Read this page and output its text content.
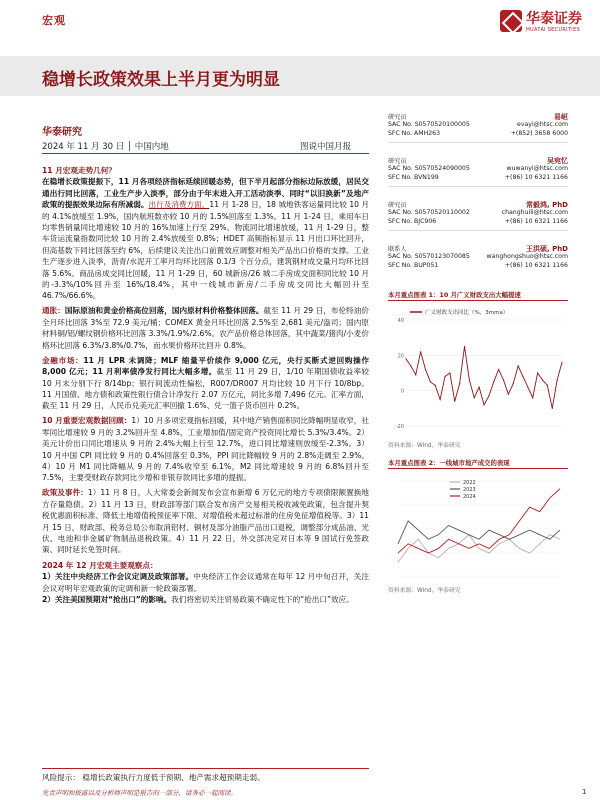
宏观	华泰证券
HUATAI SECURITIES
稳增长政策效果上半月更为明显
华泰研究
2024 年 11 月 30 日 │ 中国内地	图说中国月报

11 月宏观走势几何？
在稳增长政策提振下，11 月各项经济指标延续回暖态势，但下半月起部分指标边际放缓，居民交通出行同比回落，工业生产步入淡季，部分由于年末进入开工活动淡季、同时“以旧换新”及地产政策的提振效果边际有所减弱。出行及消费方面，11 月 1-28 日，18 城地铁客运量同比较 10 月的 4.1%放缓至 1.9%，国内航班数亦较 10 月的 1.5%回落至 1.3%。11 月 1-24 日，乘用车日均零售销量同比增速较 10 月的 16%加速上行至 29%。物流同比增速放缓，11 月 1-29 日，整车货运流量指数同比较 10 月的 2.4%放缓至 0.8%；HDET 高频指标显示 11 月出口环比回升，但高基数下同比回落至约 6%，后续建议关注出口前置效应调整对相关产品出口价格的支撑。工业生产逐步进入淡季，沥青/水泥开工率月均环比回落 0.1/3 个百分点，建筑钢材成交量月均环比回落 5.6%。商品房成交同比回暖，11 月 1-29 日，60 城新房/26 城二手房成交面积同比较 10 月的-3.3%/10%回升至 16%/18.4%，其中一线城市新房/二手房成交同比大幅回升至 46.7%/66.6%。

通胀：国际原油和黄金价格高位回落，国内原材料价格整体回落。截至 11 月 29 日，布伦特油价全月环比回落 3%至 72.9 美元/桶；COMEX 黄金月环比回落 2.5%至 2,681 美元/盎司；国内原材料铜/铝/螺纹钢价格环比回落 3.3%/1.9%/2.6%。农产品价格总体回落，其中蔬菜/猪肉/小麦价格环比回落 6.3%/3.8%/0.7%，而水果价格环比回升 0.8%。

金融市场：11 月 LPR 未调降；MLF 缩量平价续作 9,000 亿元，央行买断式逆回购操作 8,000 亿元；11 月利率债净发行同比大幅多增。截至 11 月 29 日，1/10 年期国债收益率较 10 月末分别下行 8/14bp；银行间流动性偏松，R007/DR007 月均比较 10 月下行 10/8bp。11 月国债、地方债和政策性银行债合计净发行 2.07 万亿元，同比多增 7,496 亿元。汇率方面，截至 11 月 29 日，人民币兑美元汇率回撤 1.6%、兑一篮子货币回升 0.2%。

10 月重要宏观数据回顾：1）10 月多项宏观指标回暖，其中地产销售面积同比降幅明显收窄，社零同比增速较 9 月的 3.2%回升至 4.8%，工业增加值/固定资产投资同比增长 5.3%/3.4%。2）美元计价出口同比增速从 9 月的 2.4%大幅上行至 12.7%，进口同比增速则放缓至-2.3%。3）10 月中国 CPI 同比较 9 月的 0.4%回落至 0.3%，PPI 同比降幅较 9 月的 2.8%走阔至 2.9%。4）10 月 M1 同比降幅从 9 月的 7.4%收窄至 6.1%，M2 同比增速较 9 月的 6.8%回升至 7.5%，主要受财政存款同比少增和非银存款同比多增的提振。

政策及事件：1）11 月 8 日，人大常委会新闻发布会宣布新增 6 万亿元的地方专项债限额置换地方存量隐债。2）11 月 13 日，财政部等部门联合发布房产交易相关税收减免政策，包含提升契税优惠面积标准、降低土地增值税预征率下限、对增值税未超过标准的住房免征增值税等。3）11 月 15 日，财政部、税务总局公布取消铝材、铜材及部分油脂产品出口退税，调整部分成品油、光伏、电池和非金属矿物制品退税政策。4）11 月 22 日，外交部决定对日本等 9 国试行免签政策、同时延长免签时间。

2024 年 12 月宏观主要观察点：
1）关注中央经济工作会议定调及政策部署。中央经济工作会议通常在每年 12 月中旬召开，关注会议对明年宏观政策的定调和新一轮政策部署。
2）关注美国预期对“抢出口”的影响。我们将密切关注贸易政策不确定性下的“抢出口”效应。

风险提示： 稳增长政策执行力度低于预期、地产需求超预期走弱。
免责声明和披露以及分析师声明是报告的一部分，请务必一起阅读。	1
研究员	易峘
SAC No. S0570520100005	evayi@htsc.com
SFC No. AMH263	+(852) 3658 6000
研究员	吴宛忆
SAC No. S0570524090005	wuwanyi@htsc.com
SFC No. BVN199	+(86) 10 6321 1166
研究员	常毅鸿, PhD
SAC No. S0570520110002	changhuili@htsc.com
SFC No. BJC906	+(86) 10 6321 1166
联系人	王洪硕, PhD
SAC No. S0570123070085	wanghongshuo@htsc.com
SFC No. BUP051	+(86) 10 6321 1166
本月重点图表 1：10 月广义财政支出大幅提速
-20
0
20
40
广义财政支出同比（%，3mma）
资料来源：Wind，华泰研究
本月重点图表 2：一线城市地产成交的表现
2022
2023
2024
资料来源：Wind，华泰研究
